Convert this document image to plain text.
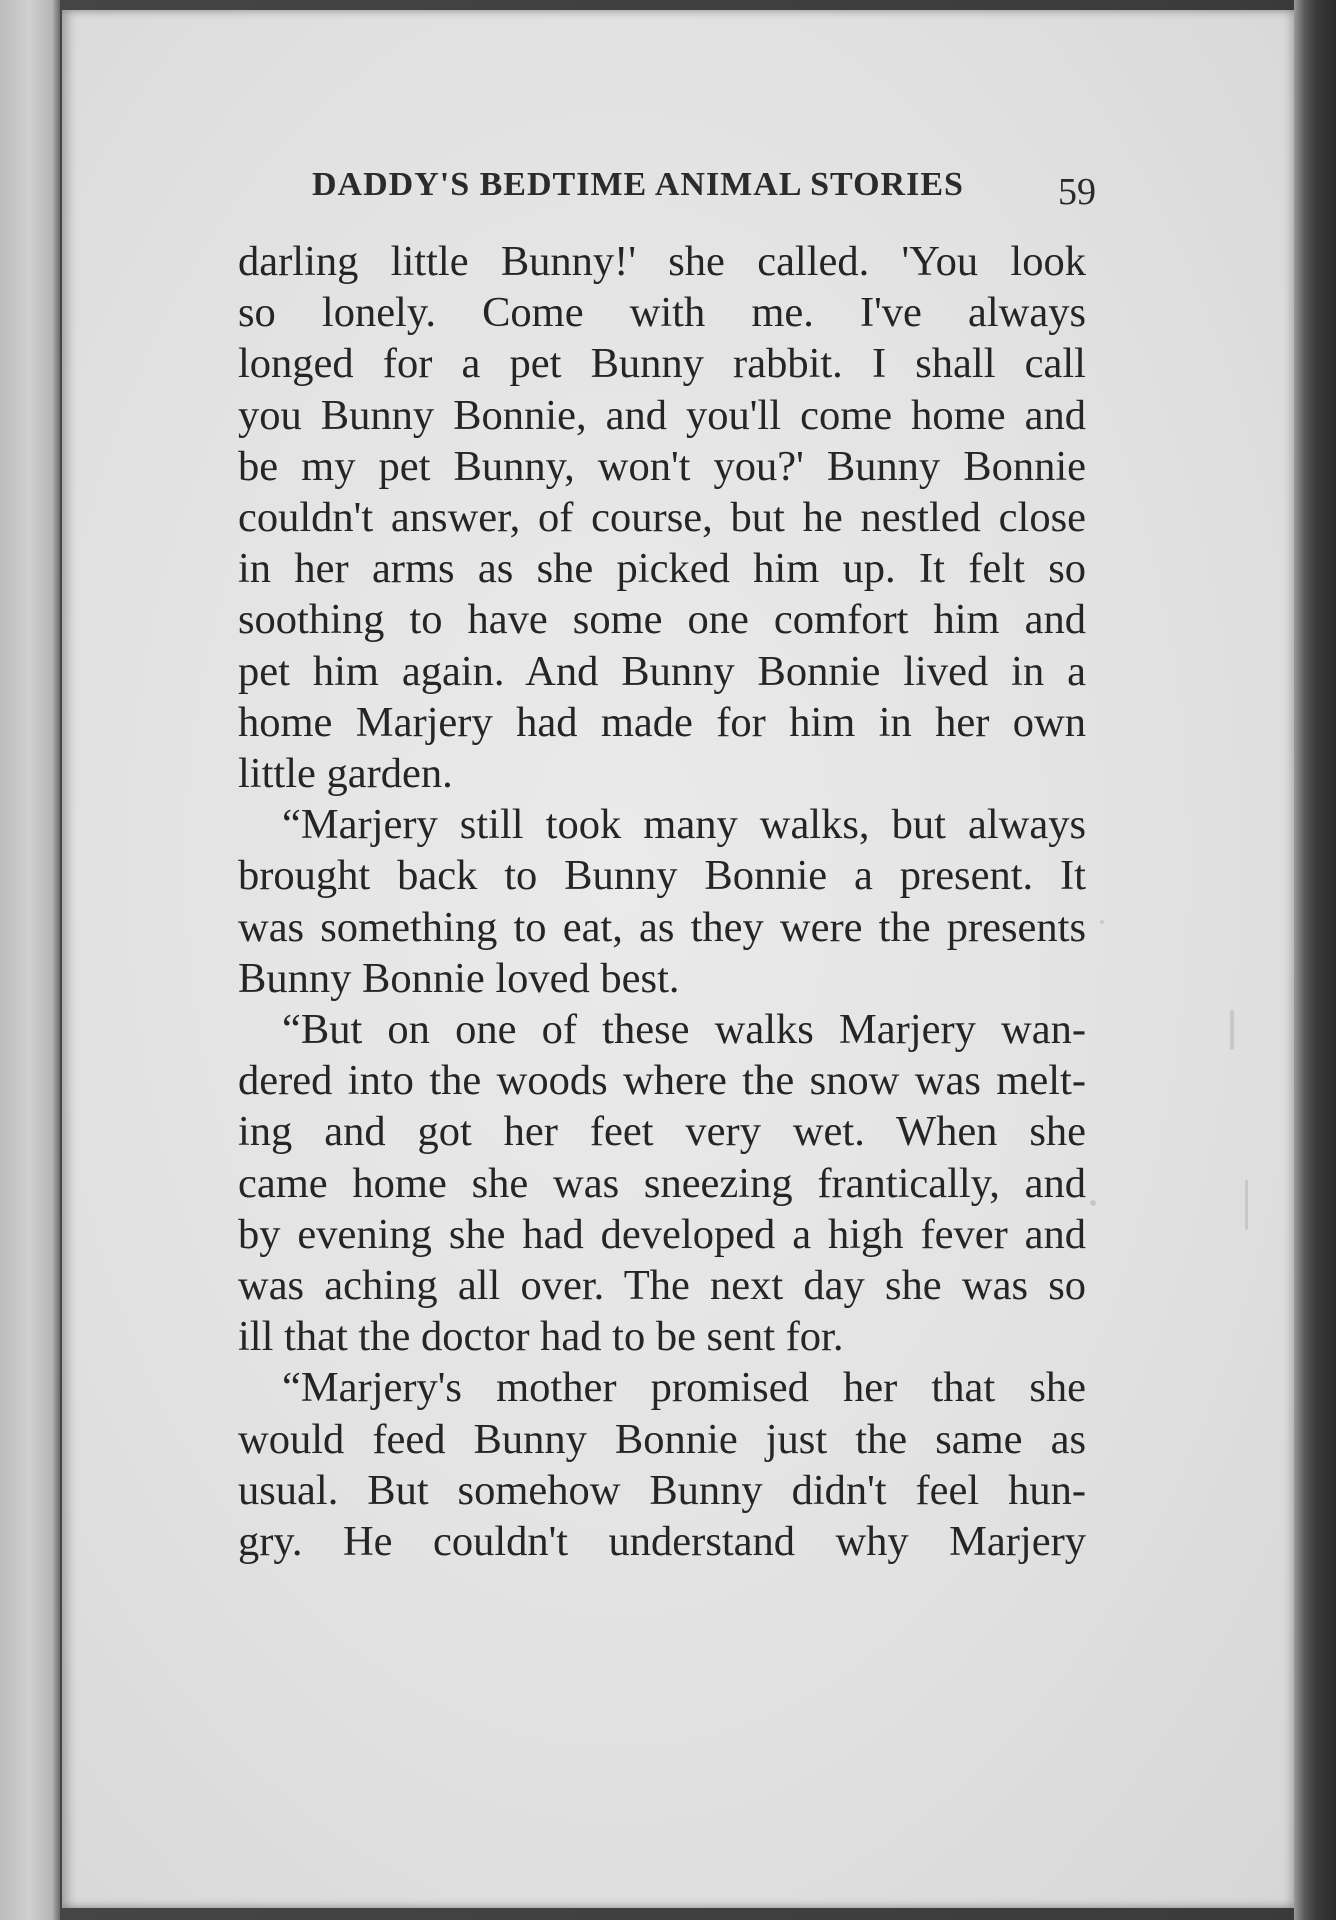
DADDY'S BEDTIME ANIMAL STORIES 59
darling little Bunny!' she called. 'You look
so lonely. Come with me. I've always
longed for a pet Bunny rabbit. I shall call
you Bunny Bonnie, and you'll come home and
be my pet Bunny, won't you?' Bunny Bonnie
couldn't answer, of course, but he nestled close
in her arms as she picked him up. It felt so
soothing to have some one comfort him and
pet him again. And Bunny Bonnie lived in a
home Marjery had made for him in her own
little garden.
“Marjery still took many walks, but always
brought back to Bunny Bonnie a present. It
was something to eat, as they were the presents
Bunny Bonnie loved best.
“But on one of these walks Marjery wan-
dered into the woods where the snow was melt-
ing and got her feet very wet. When she
came home she was sneezing frantically, and
by evening she had developed a high fever and
was aching all over. The next day she was so
ill that the doctor had to be sent for.
“Marjery's mother promised her that she
would feed Bunny Bonnie just the same as
usual. But somehow Bunny didn't feel hun-
gry. He couldn't understand why Marjery
